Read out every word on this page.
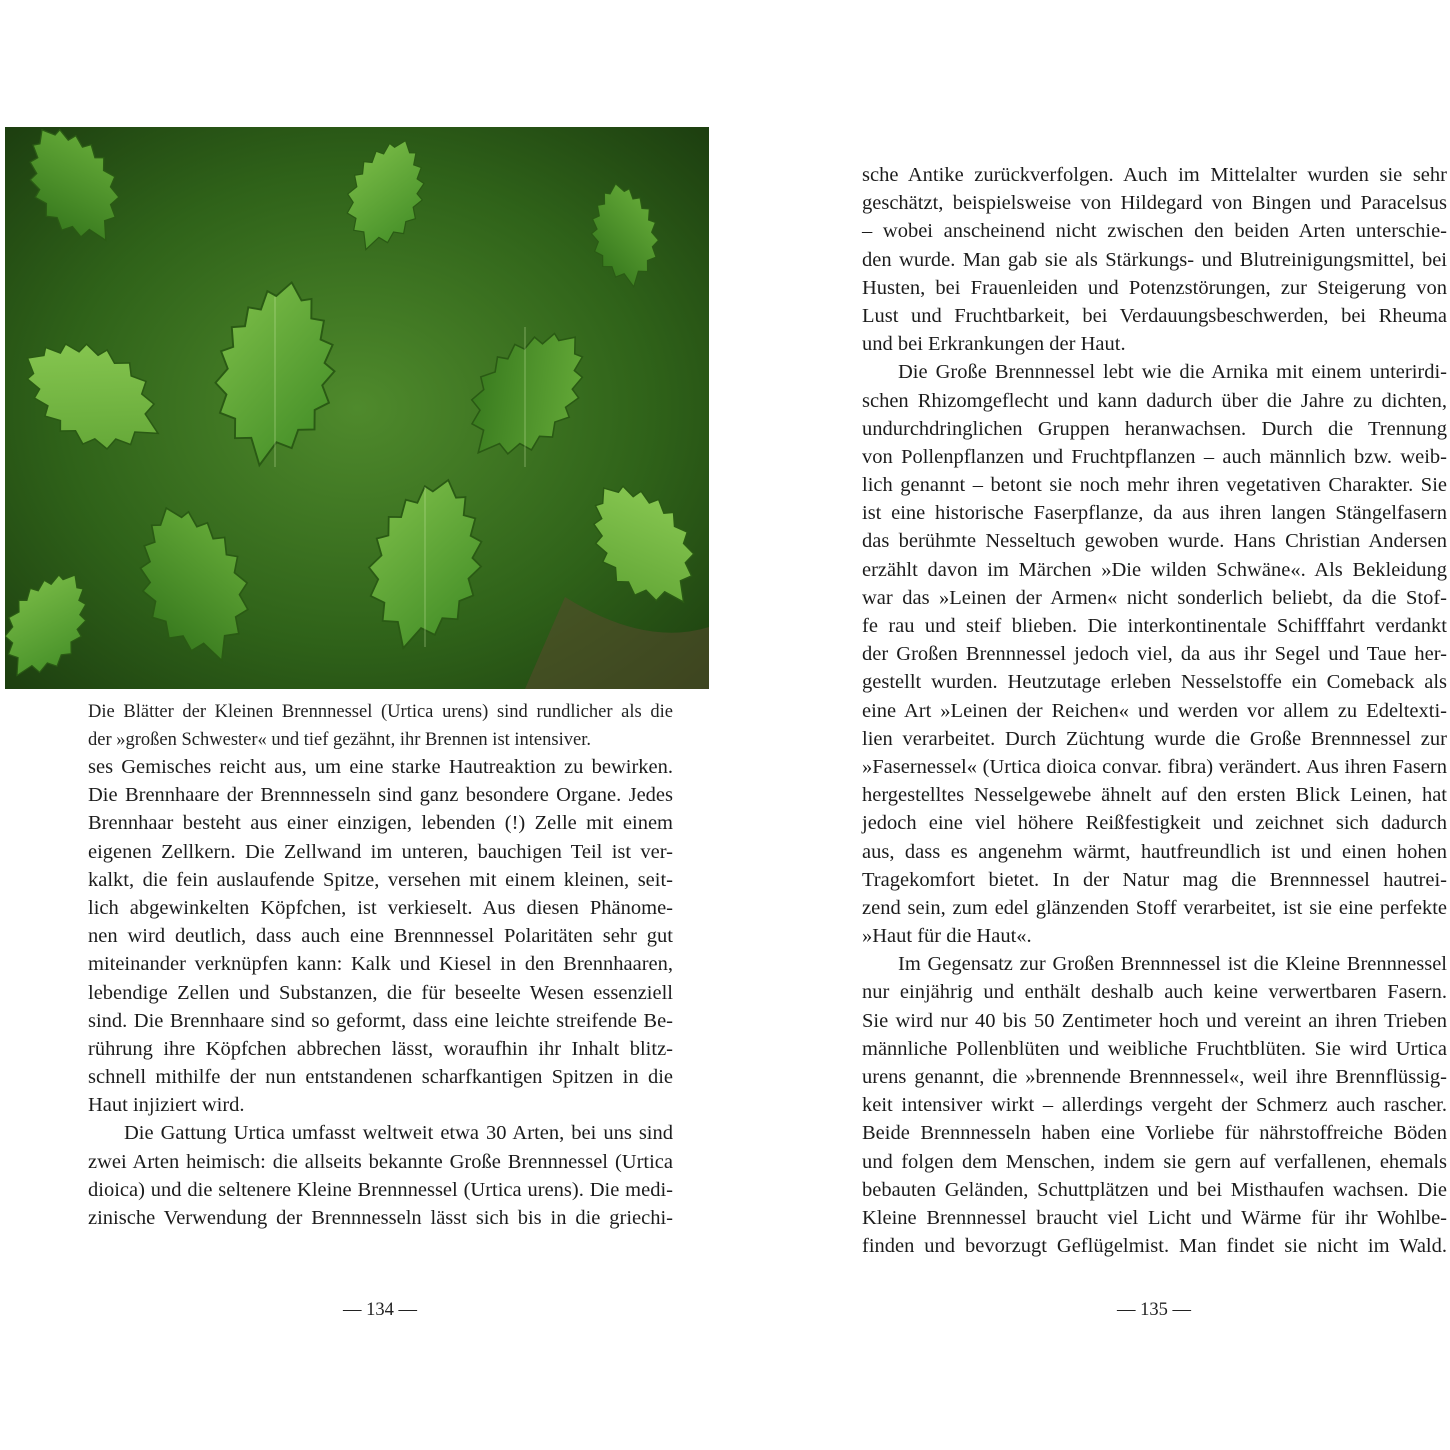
Die Blätter der Kleinen Brennnessel (Urtica urens) sind rundlicher als die
der »großen Schwester« und tief gezähnt, ihr Brennen ist intensiver.
ses Gemisches reicht aus, um eine starke Hautreaktion zu bewirken.
Die Brennhaare der Brennnesseln sind ganz besondere Organe. Jedes
Brennhaar besteht aus einer einzigen, lebenden (!) Zelle mit einem
eigenen Zellkern. Die Zellwand im unteren, bauchigen Teil ist ver-
kalkt, die fein auslaufende Spitze, versehen mit einem kleinen, seit-
lich abgewinkelten Köpfchen, ist verkieselt. Aus diesen Phänome-
nen wird deutlich, dass auch eine Brennnessel Polaritäten sehr gut
miteinander verknüpfen kann: Kalk und Kiesel in den Brennhaaren,
lebendige Zellen und Substanzen, die für beseelte Wesen essenziell
sind. Die Brennhaare sind so geformt, dass eine leichte streifende Be-
rührung ihre Köpfchen abbrechen lässt, woraufhin ihr Inhalt blitz-
schnell mithilfe der nun entstandenen scharfkantigen Spitzen in die
Haut injiziert wird.
Die Gattung Urtica umfasst weltweit etwa 30 Arten, bei uns sind
zwei Arten heimisch: die allseits bekannte Große Brennnessel (Urtica
dioica) und die seltenere Kleine Brennnessel (Urtica urens). Die medi-
zinische Verwendung der Brennnesseln lässt sich bis in die griechi-
— 134 —
sche Antike zurückverfolgen. Auch im Mittelalter wurden sie sehr
geschätzt, beispielsweise von Hildegard von Bingen und Paracelsus
– wobei anscheinend nicht zwischen den beiden Arten unterschie-
den wurde. Man gab sie als Stärkungs- und Blutreinigungsmittel, bei
Husten, bei Frauenleiden und Potenzstörungen, zur Steigerung von
Lust und Fruchtbarkeit, bei Verdauungsbeschwerden, bei Rheuma
und bei Erkrankungen der Haut.
Die Große Brennnessel lebt wie die Arnika mit einem unterirdi-
schen Rhizomgeflecht und kann dadurch über die Jahre zu dichten,
undurchdringlichen Gruppen heranwachsen. Durch die Trennung
von Pollenpflanzen und Fruchtpflanzen – auch männlich bzw. weib-
lich genannt – betont sie noch mehr ihren vegetativen Charakter. Sie
ist eine historische Faserpflanze, da aus ihren langen Stängelfasern
das berühmte Nesseltuch gewoben wurde. Hans Christian Andersen
erzählt davon im Märchen »Die wilden Schwäne«. Als Bekleidung
war das »Leinen der Armen« nicht sonderlich beliebt, da die Stof-
fe rau und steif blieben. Die interkontinentale Schifffahrt verdankt
der Großen Brennnessel jedoch viel, da aus ihr Segel und Taue her-
gestellt wurden. Heutzutage erleben Nesselstoffe ein Comeback als
eine Art »Leinen der Reichen« und werden vor allem zu Edeltexti-
lien verarbeitet. Durch Züchtung wurde die Große Brennnessel zur
»Fasernessel« (Urtica dioica convar. fibra) verändert. Aus ihren Fasern
hergestelltes Nesselgewebe ähnelt auf den ersten Blick Leinen, hat
jedoch eine viel höhere Reißfestigkeit und zeichnet sich dadurch
aus, dass es angenehm wärmt, hautfreundlich ist und einen hohen
Tragekomfort bietet. In der Natur mag die Brennnessel hautrei-
zend sein, zum edel glänzenden Stoff verarbeitet, ist sie eine perfekte
»Haut für die Haut«.
Im Gegensatz zur Großen Brennnessel ist die Kleine Brennnessel
nur einjährig und enthält deshalb auch keine verwertbaren Fasern.
Sie wird nur 40 bis 50 Zentimeter hoch und vereint an ihren Trieben
männliche Pollenblüten und weibliche Fruchtblüten. Sie wird Urtica
urens genannt, die »brennende Brennnessel«, weil ihre Brennflüssig-
keit intensiver wirkt – allerdings vergeht der Schmerz auch rascher.
Beide Brennnesseln haben eine Vorliebe für nährstoffreiche Böden
und folgen dem Menschen, indem sie gern auf verfallenen, ehemals
bebauten Geländen, Schuttplätzen und bei Misthaufen wachsen. Die
Kleine Brennnessel braucht viel Licht und Wärme für ihr Wohlbe-
finden und bevorzugt Geflügelmist. Man findet sie nicht im Wald.
— 135 —
